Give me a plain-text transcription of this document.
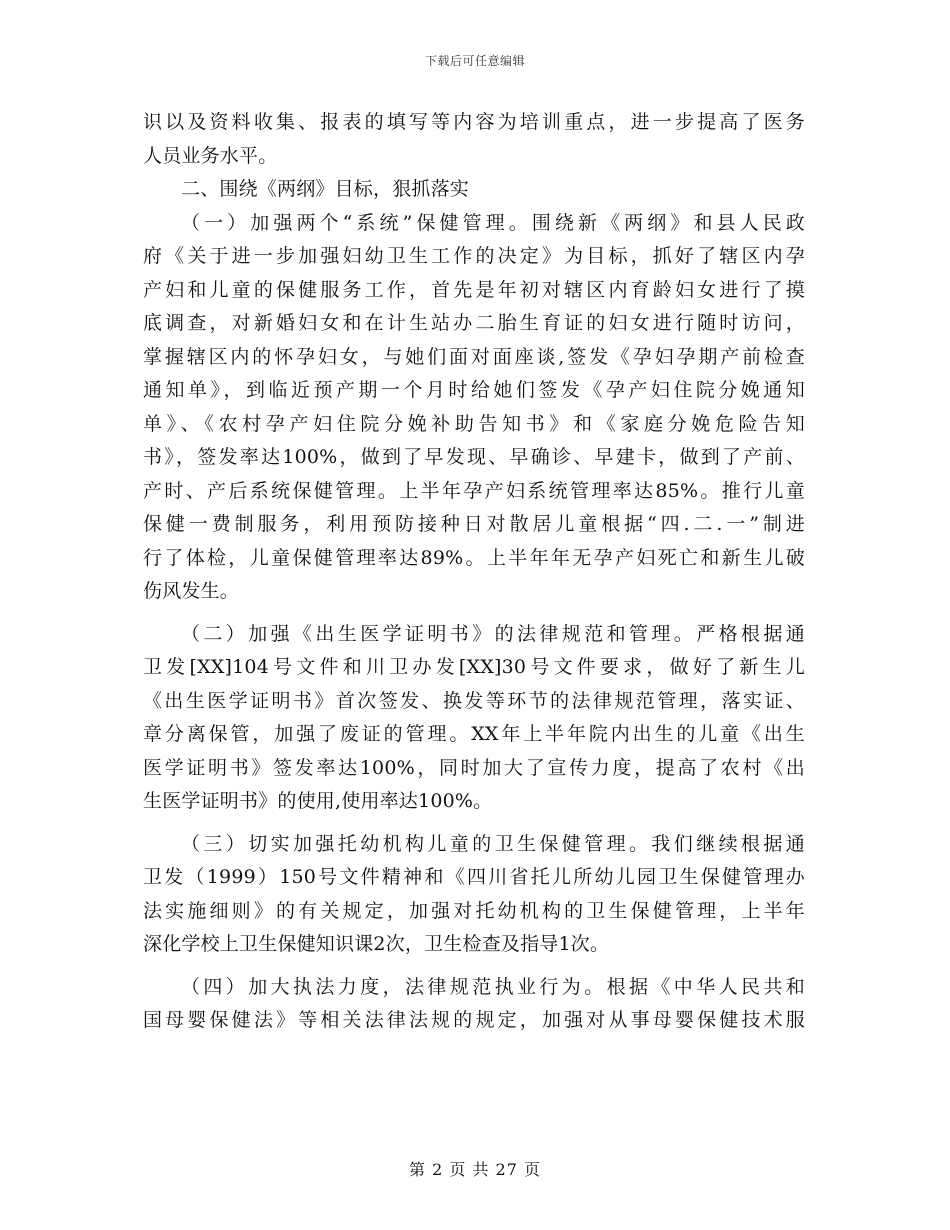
下载后可任意编辑
识以及资料收集、报表的填写等内容为培训重点，进一步提高了医务
人员业务水平。
二、围绕《两纲》目标，狠抓落实
（一）加强两个“系统”保健管理。围绕新《两纲》和县人民政
府《关于进一步加强妇幼卫生工作的决定》为目标，抓好了辖区内孕
产妇和儿童的保健服务工作，首先是年初对辖区内育龄妇女进行了摸
底调查，对新婚妇女和在计生站办二胎生育证的妇女进行随时访问，
掌握辖区内的怀孕妇女，与她们面对面座谈,签发《孕妇孕期产前检查
通知单》，到临近预产期一个月时给她们签发《孕产妇住院分娩通知
单》、《农村孕产妇住院分娩补助告知书》和《家庭分娩危险告知
书》，签发率达100%，做到了早发现、早确诊、早建卡，做到了产前、
产时、产后系统保健管理。上半年孕产妇系统管理率达85%。推行儿童
保健一费制服务，利用预防接种日对散居儿童根据“四.二.一”制进
行了体检，儿童保健管理率达89%。上半年年无孕产妇死亡和新生儿破
伤风发生。
（二）加强《出生医学证明书》的法律规范和管理。严格根据通
卫发[XX]104号文件和川卫办发[XX]30号文件要求，做好了新生儿
《出生医学证明书》首次签发、换发等环节的法律规范管理，落实证、
章分离保管，加强了废证的管理。XX年上半年院内出生的儿童《出生
医学证明书》签发率达100%，同时加大了宣传力度，提高了农村《出
生医学证明书》的使用,使用率达100%。
（三）切实加强托幼机构儿童的卫生保健管理。我们继续根据通
卫发（1999）150号文件精神和《四川省托儿所幼儿园卫生保健管理办
法实施细则》的有关规定，加强对托幼机构的卫生保健管理，上半年
深化学校上卫生保健知识课2次，卫生检查及指导1次。
（四）加大执法力度，法律规范执业行为。根据《中华人民共和
国母婴保健法》等相关法律法规的规定，加强对从事母婴保健技术服
第 2 页 共 27 页
